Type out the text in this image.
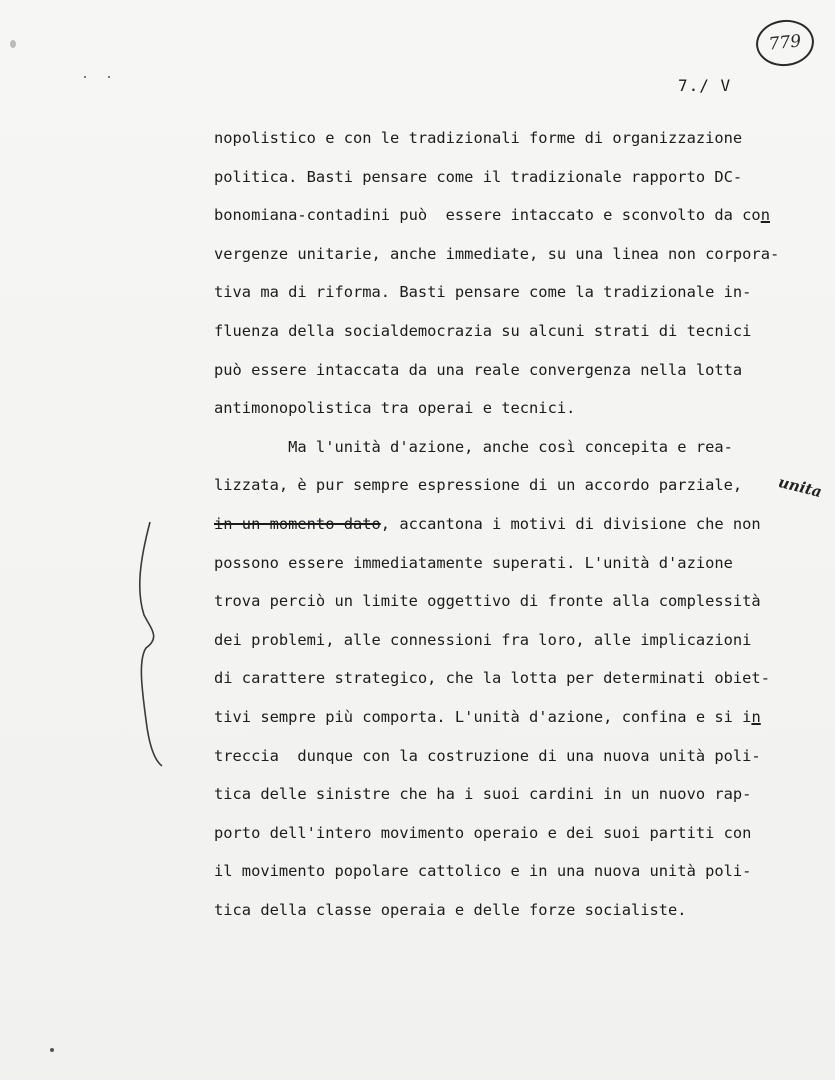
779
7./ V
nopolistico e con le tradizionali forme di organizzazione
politica. Basti pensare come il tradizionale rapporto DC-
bonomiana-contadini può  essere intaccato e sconvolto da con
vergenze unitarie, anche immediate, su una linea non corpora-
tiva ma di riforma. Basti pensare come la tradizionale in-
fluenza della socialdemocrazia su alcuni strati di tecnici
può essere intaccata da una reale convergenza nella lotta
antimonopolistica tra operai e tecnici.
Ma l'unità d'azione, anche così concepita e rea-
lizzata, è pur sempre espressione di un accordo parziale,
in un momento dato, accantona i motivi di divisione che non
possono essere immediatamente superati. L'unità d'azione
trova perciò un limite oggettivo di fronte alla complessità
dei problemi, alle connessioni fra loro, alle implicazioni
di carattere strategico, che la lotta per determinati obiet-
tivi sempre più comporta. L'unità d'azione, confina e si in
treccia  dunque con la costruzione di una nuova unità poli-
tica delle sinistre che ha i suoi cardini in un nuovo rap-
porto dell'intero movimento operaio e dei suoi partiti con
il movimento popolare cattolico e in una nuova unità poli-
tica della classe operaia e delle forze socialiste.
unita
